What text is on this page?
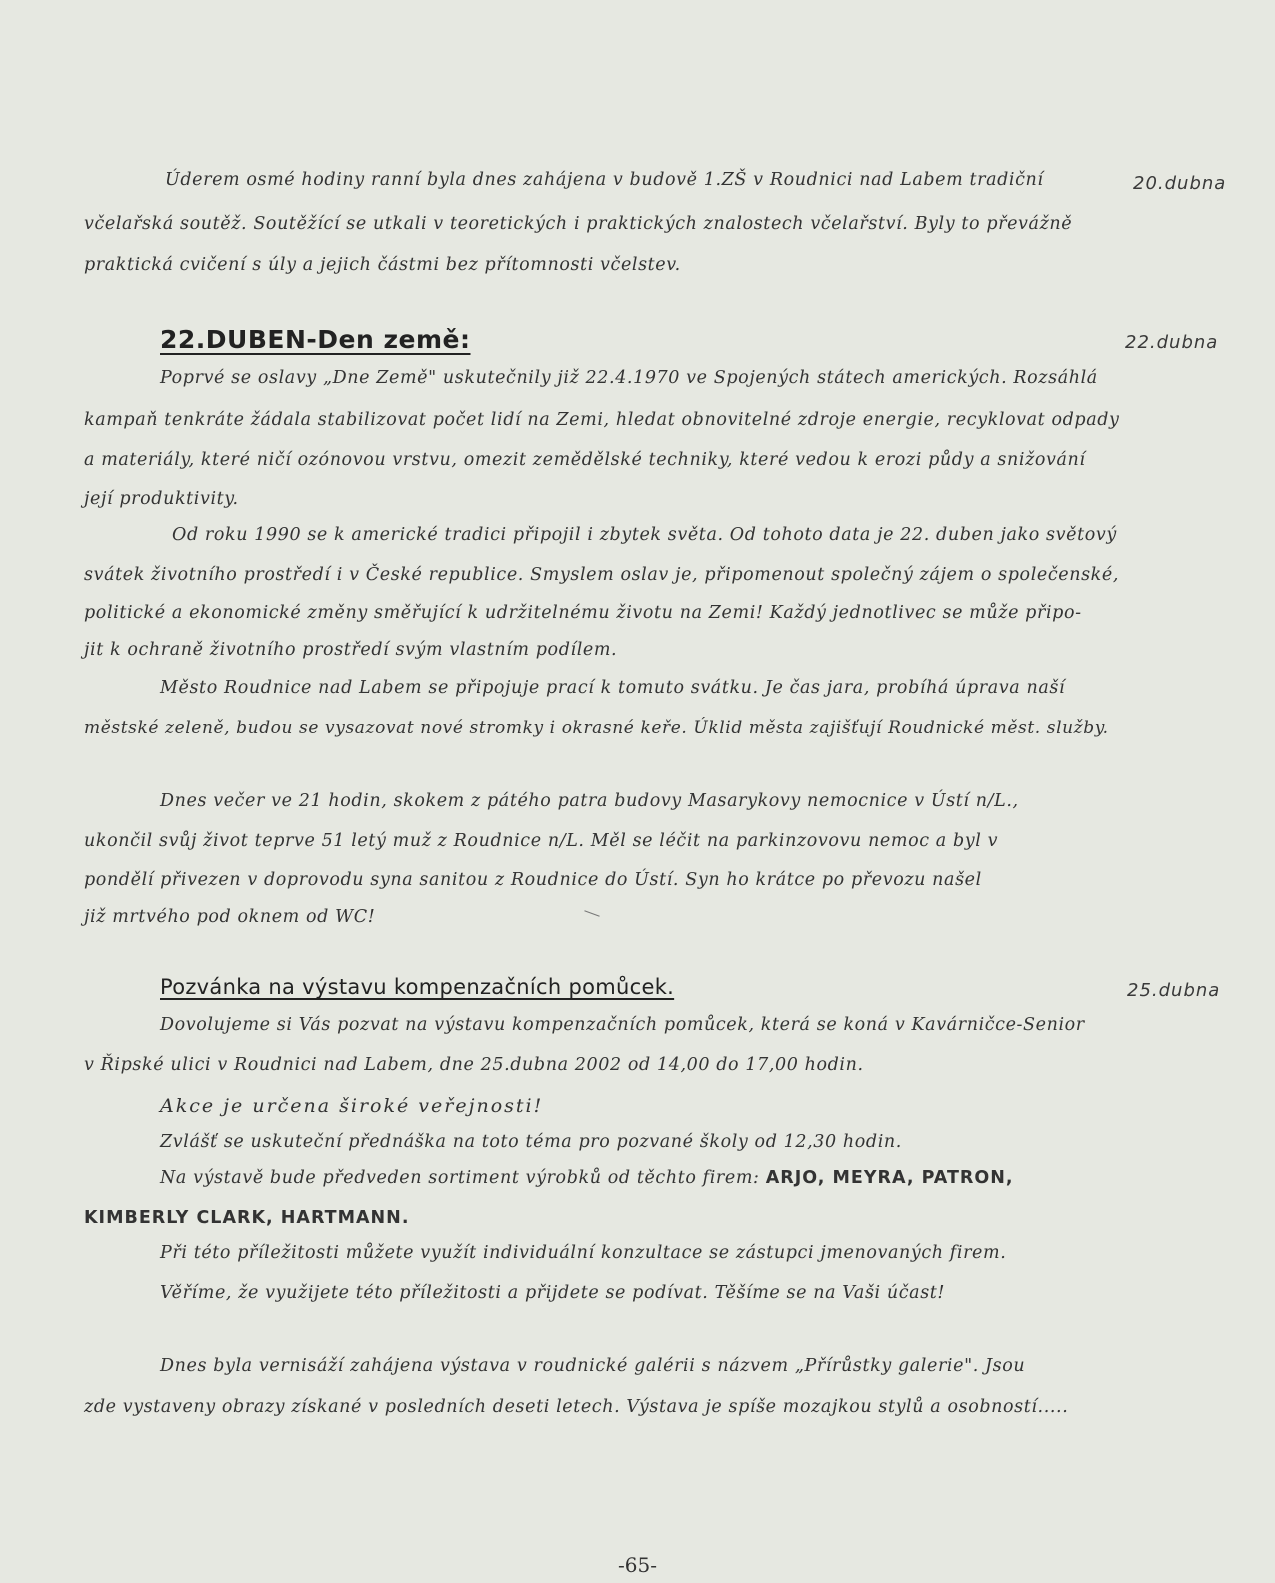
Úderem osmé hodiny ranní byla dnes zahájena v budově 1.ZŠ v Roudnici nad Labem tradiční	20.dubna
včelařská soutěž. Soutěžící se utkali v teoretických i praktických znalostech včelařství. Byly to převážně
praktická cvičení s úly a jejich částmi bez přítomnosti včelstev.
22.DUBEN-Den země:	22.dubna
Poprvé se oslavy „Dne Země" uskutečnily již 22.4.1970 ve Spojených státech amerických. Rozsáhlá
kampaň tenkráte žádala stabilizovat počet lidí na Zemi, hledat obnovitelné zdroje energie, recyklovat odpady
a materiály, které ničí ozónovou vrstvu, omezit zemědělské techniky, které vedou k erozi půdy a snižování
její produktivity.
Od roku 1990 se k americké tradici připojil i zbytek světa. Od tohoto data je 22. duben jako světový
svátek životního prostředí i v České republice. Smyslem oslav je, připomenout společný zájem o společenské,
politické a ekonomické změny směřující k udržitelnému životu na Zemi! Každý jednotlivec se může připo-
jit k ochraně životního prostředí svým vlastním podílem.
Město Roudnice nad Labem se připojuje prací k tomuto svátku. Je čas jara, probíhá úprava naší
městské zeleně, budou se vysazovat nové stromky i okrasné keře. Úklid města zajišťují Roudnické měst. služby.
Dnes večer ve 21 hodin, skokem z pátého patra budovy Masarykovy nemocnice v Ústí n/L.,
ukončil svůj život teprve 51 letý muž z Roudnice n/L. Měl se léčit na parkinzovovu nemoc a byl v
pondělí přivezen v doprovodu syna sanitou z Roudnice do Ústí. Syn ho krátce po převozu našel
již mrtvého pod oknem od WC!
Pozvánka na výstavu kompenzačních pomůcek.	25.dubna
Dovolujeme si Vás pozvat na výstavu kompenzačních pomůcek, která se koná v Kavárničce-Senior
v Řipské ulici v Roudnici nad Labem, dne 25.dubna 2002 od 14,00 do 17,00 hodin.
Akce je určena široké veřejnosti!
Zvlášť se uskuteční přednáška na toto téma pro pozvané školy od 12,30 hodin.
Na výstavě bude předveden sortiment výrobků od těchto firem: ARJO, MEYRA, PATRON,
KIMBERLY CLARK, HARTMANN.
Při této příležitosti můžete využít individuální konzultace se zástupci jmenovaných firem.
Věříme, že využijete této příležitosti a přijdete se podívat. Těšíme se na Vaši účast!
Dnes byla vernisáží zahájena výstava v roudnické galérii s názvem „Přírůstky galerie". Jsou
zde vystaveny obrazy získané v posledních deseti letech. Výstava je spíše mozajkou stylů a osobností.....
-65-
